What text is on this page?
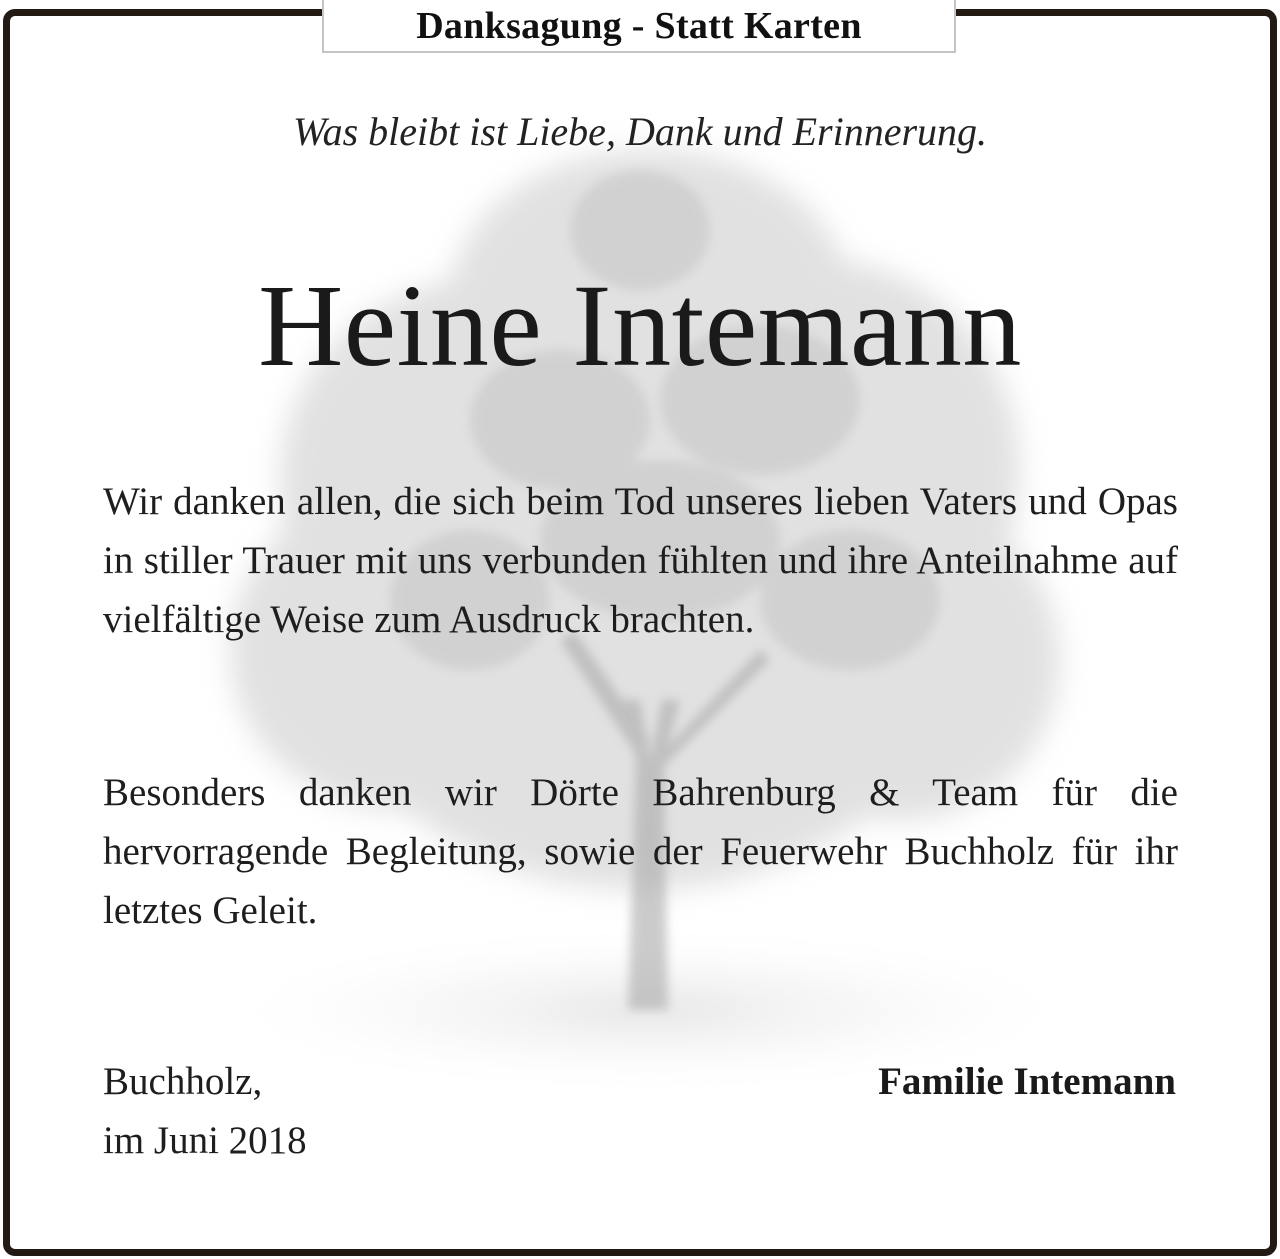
Danksagung - Statt Karten
Was bleibt ist Liebe, Dank und Erinnerung.
Heine Intemann
Wir danken allen, die sich beim Tod unseres lieben Vaters und Opas in stiller Trauer mit uns verbunden fühlten und ihre Anteilnahme auf vielfältige Weise zum Ausdruck brachten.
Besonders danken wir Dörte Bahrenburg & Team für die hervorragende Begleitung, sowie der Feuerwehr Buchholz für ihr letztes Geleit.
Buchholz,
im Juni 2018
Familie Intemann
